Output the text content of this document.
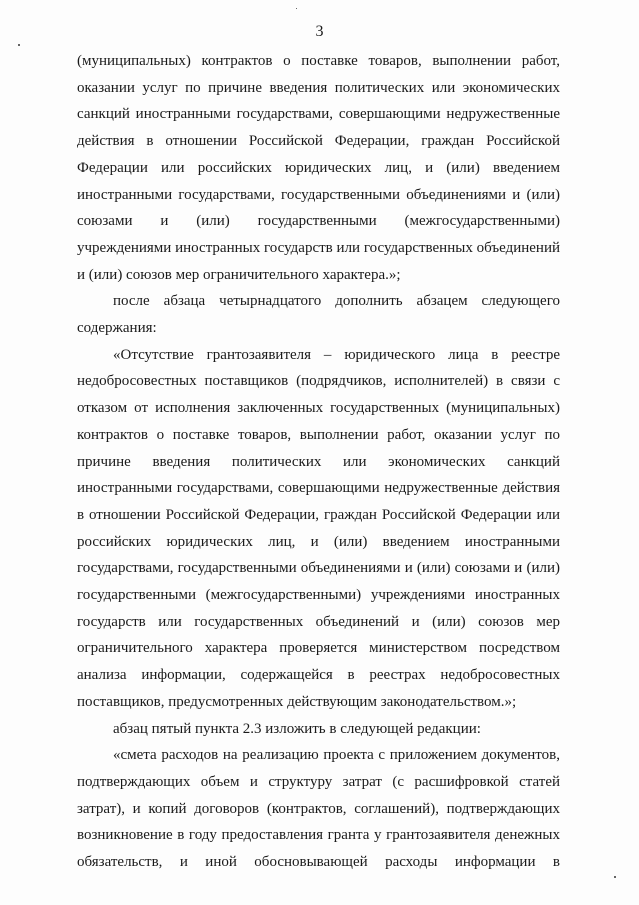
3
(муниципальных) контрактов о поставке товаров, выполнении работ,
оказании услуг по причине введения политических или экономических
санкций иностранными государствами, совершающими недружественные
действия в отношении Российской Федерации, граждан Российской
Федерации или российских юридических лиц, и (или) введением
иностранными государствами, государственными объединениями и (или)
союзами и (или) государственными (межгосударственными)
учреждениями иностранных государств или государственных объединений
и (или) союзов мер ограничительного характера.»;
после абзаца четырнадцатого дополнить абзацем следующего
содержания:
«Отсутствие грантозаявителя – юридического лица в реестре
недобросовестных поставщиков (подрядчиков, исполнителей) в связи с
отказом от исполнения заключенных государственных (муниципальных)
контрактов о поставке товаров, выполнении работ, оказании услуг по
причине введения политических или экономических санкций
иностранными государствами, совершающими недружественные действия
в отношении Российской Федерации, граждан Российской Федерации или
российских юридических лиц, и (или) введением иностранными
государствами, государственными объединениями и (или) союзами и (или)
государственными (межгосударственными) учреждениями иностранных
государств или государственных объединений и (или) союзов мер
ограничительного характера проверяется министерством посредством
анализа информации, содержащейся в реестрах недобросовестных
поставщиков, предусмотренных действующим законодательством.»;
абзац пятый пункта 2.3 изложить в следующей редакции:
«смета расходов на реализацию проекта с приложением документов,
подтверждающих объем и структуру затрат (с расшифровкой статей
затрат), и копий договоров (контрактов, соглашений), подтверждающих
возникновение в году предоставления гранта у грантозаявителя денежных
обязательств, и иной обосновывающей расходы информации в
